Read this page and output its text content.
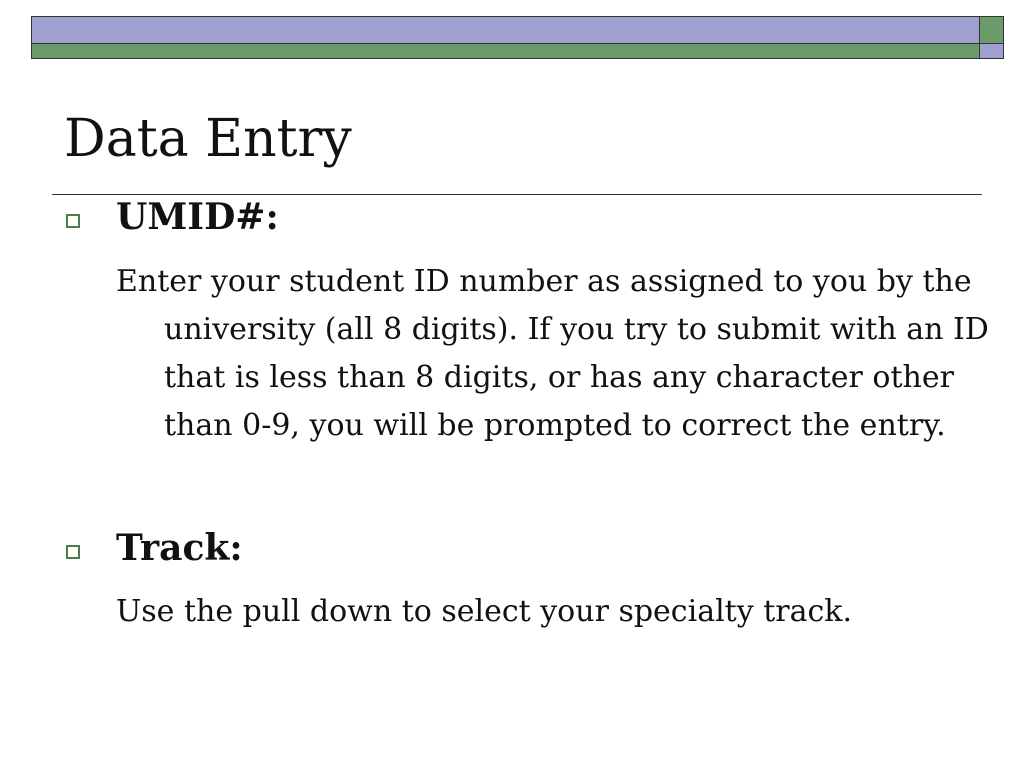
Data Entry
UMID#:

Enter your student ID number as assigned to you by the university (all 8 digits). If you try to submit with an ID that is less than 8 digits, or has any character other than 0-9, you will be prompted to correct the entry.

Track:

Use the pull down to select your specialty track.
